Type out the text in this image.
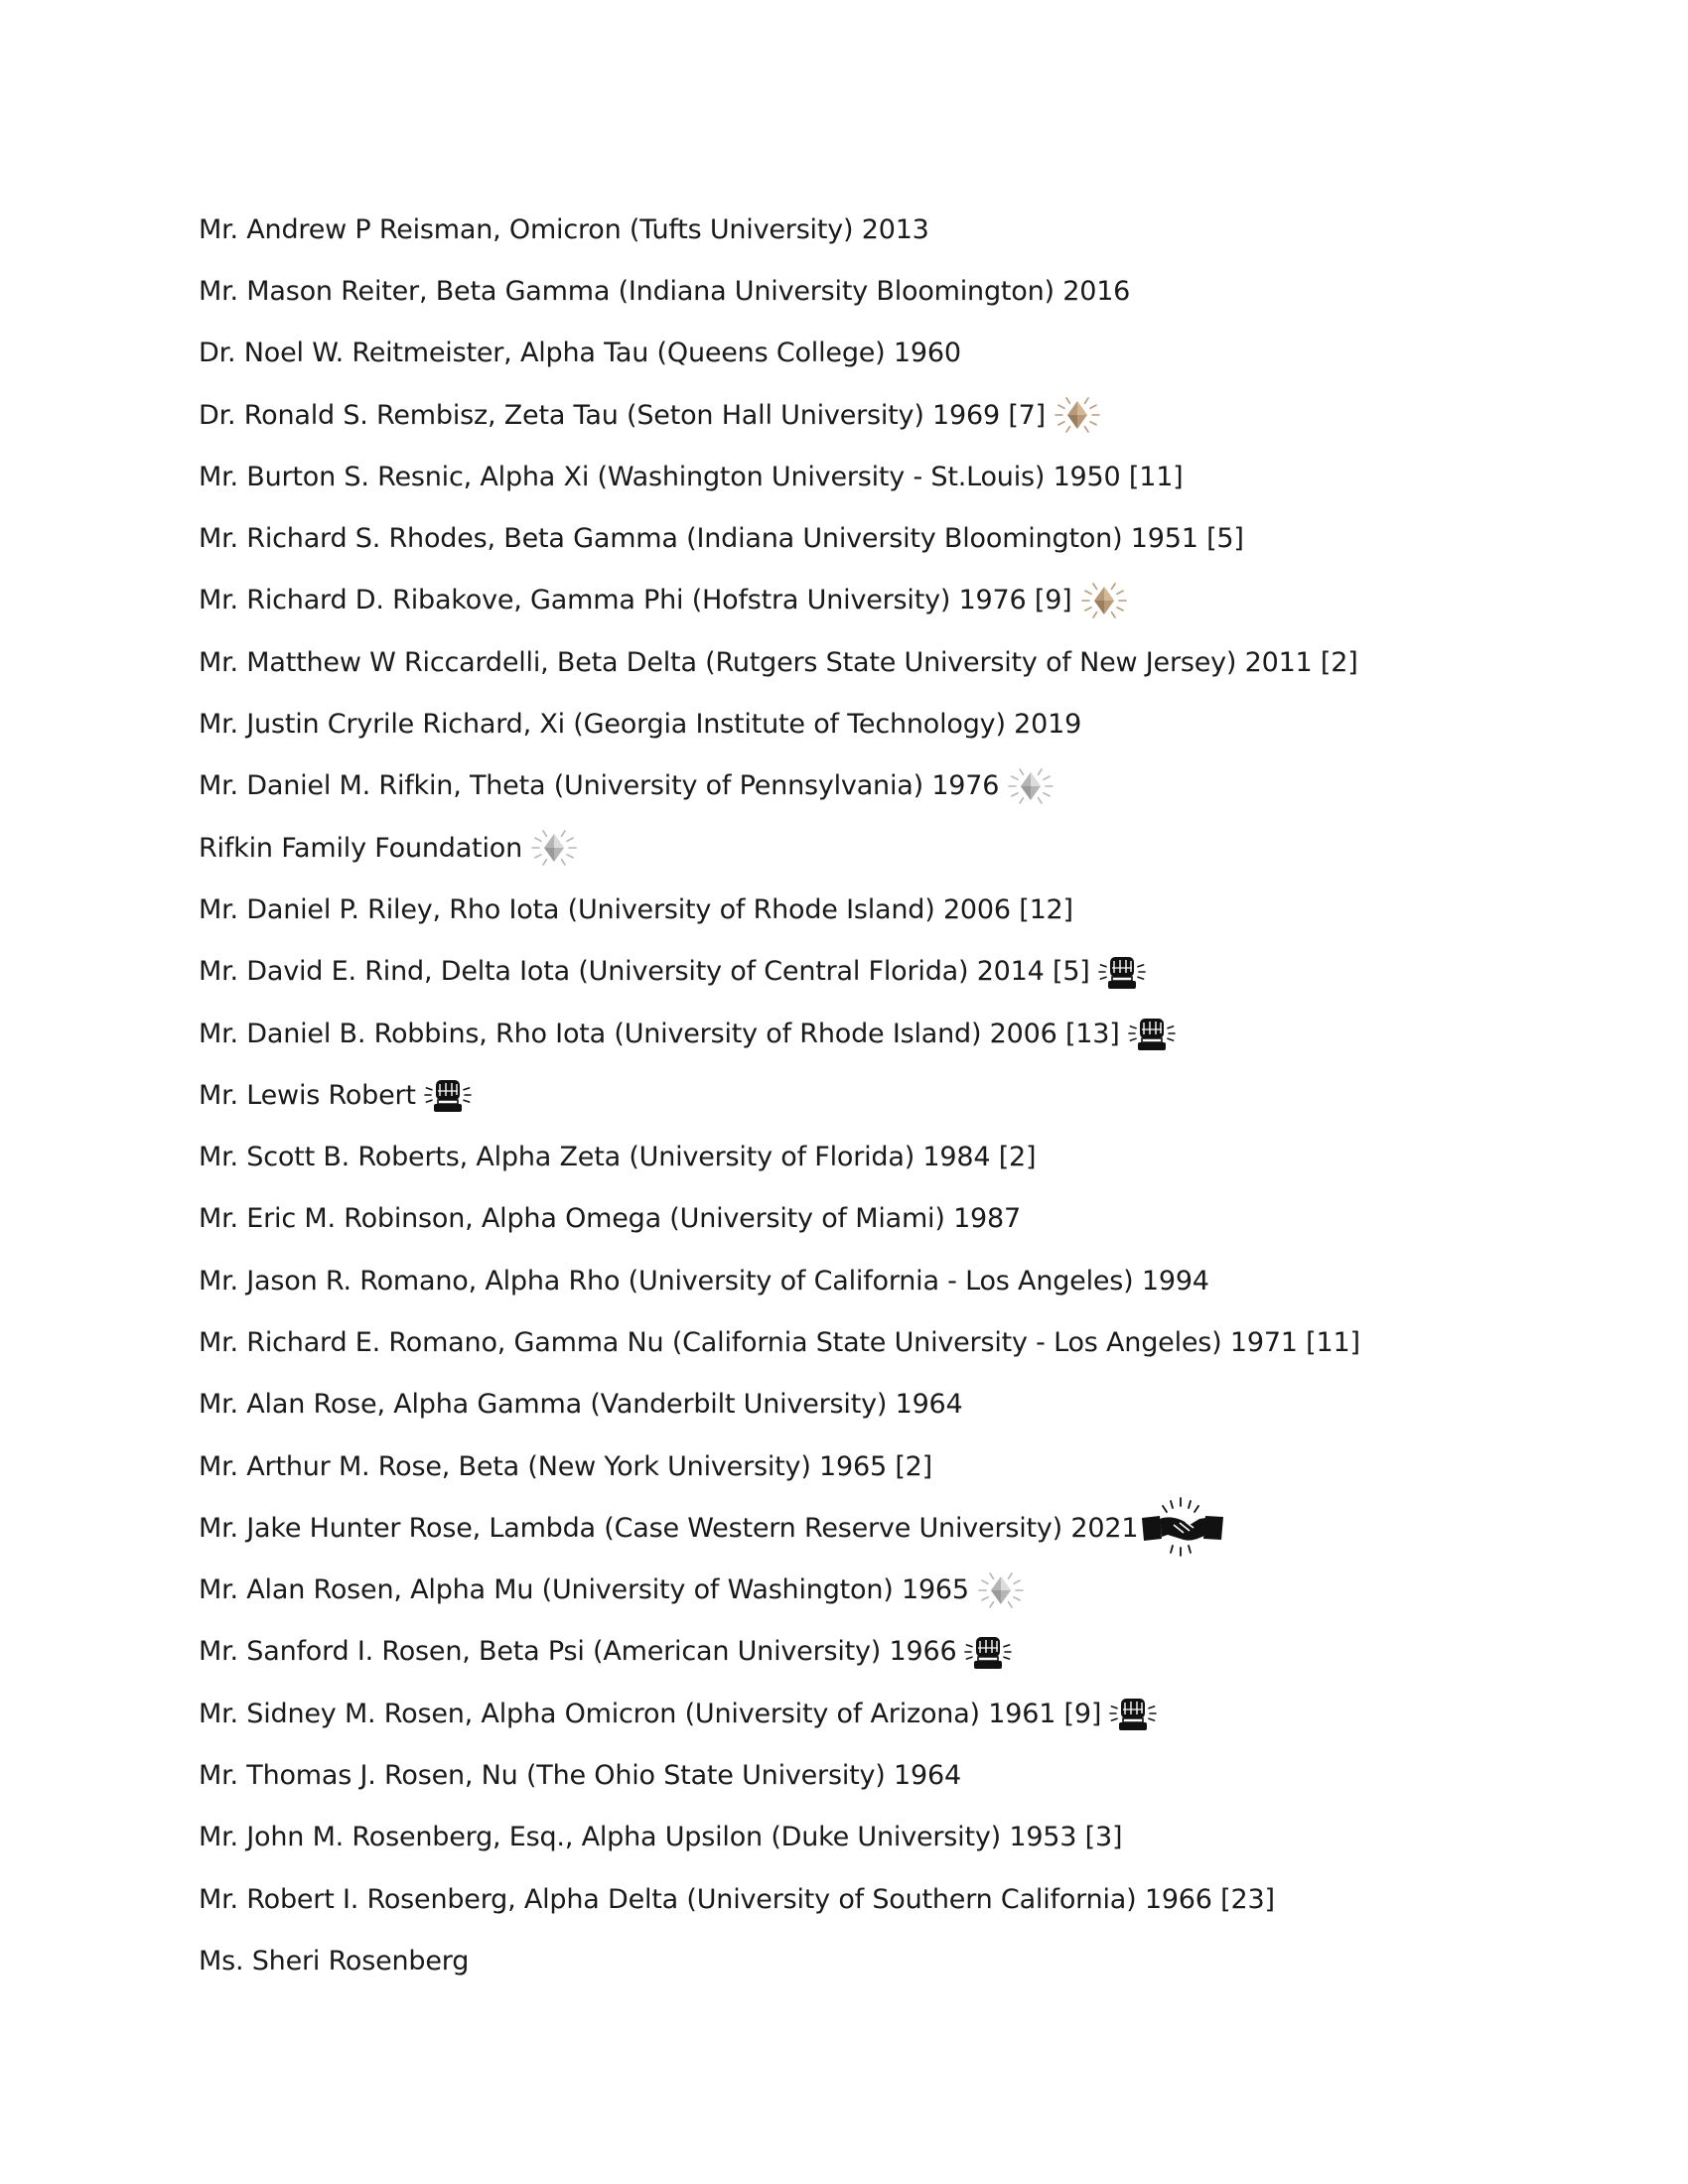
Mr. Andrew P Reisman, Omicron (Tufts University) 2013
Mr. Mason Reiter, Beta Gamma (Indiana University Bloomington) 2016
Dr. Noel W. Reitmeister, Alpha Tau (Queens College) 1960
Dr. Ronald S. Rembisz, Zeta Tau (Seton Hall University) 1969 [7]
Mr. Burton S. Resnic, Alpha Xi (Washington University - St.Louis) 1950 [11]
Mr. Richard S. Rhodes, Beta Gamma (Indiana University Bloomington) 1951 [5]
Mr. Richard D. Ribakove, Gamma Phi (Hofstra University) 1976 [9]
Mr. Matthew W Riccardelli, Beta Delta (Rutgers State University of New Jersey) 2011 [2]
Mr. Justin Cryrile Richard, Xi (Georgia Institute of Technology) 2019
Mr. Daniel M. Rifkin, Theta (University of Pennsylvania) 1976
Rifkin Family Foundation
Mr. Daniel P. Riley, Rho Iota (University of Rhode Island) 2006 [12]
Mr. David E. Rind, Delta Iota (University of Central Florida) 2014 [5]
Mr. Daniel B. Robbins, Rho Iota (University of Rhode Island) 2006 [13]
Mr. Lewis Robert
Mr. Scott B. Roberts, Alpha Zeta (University of Florida) 1984 [2]
Mr. Eric M. Robinson, Alpha Omega (University of Miami) 1987
Mr. Jason R. Romano, Alpha Rho (University of California - Los Angeles) 1994
Mr. Richard E. Romano, Gamma Nu (California State University - Los Angeles) 1971 [11]
Mr. Alan Rose, Alpha Gamma (Vanderbilt University) 1964
Mr. Arthur M. Rose, Beta (New York University) 1965 [2]
Mr. Jake Hunter Rose, Lambda (Case Western Reserve University) 2021
Mr. Alan Rosen, Alpha Mu (University of Washington) 1965
Mr. Sanford I. Rosen, Beta Psi (American University) 1966
Mr. Sidney M. Rosen, Alpha Omicron (University of Arizona) 1961 [9]
Mr. Thomas J. Rosen, Nu (The Ohio State University) 1964
Mr. John M. Rosenberg, Esq., Alpha Upsilon (Duke University) 1953 [3]
Mr. Robert I. Rosenberg, Alpha Delta (University of Southern California) 1966 [23]
Ms. Sheri Rosenberg
